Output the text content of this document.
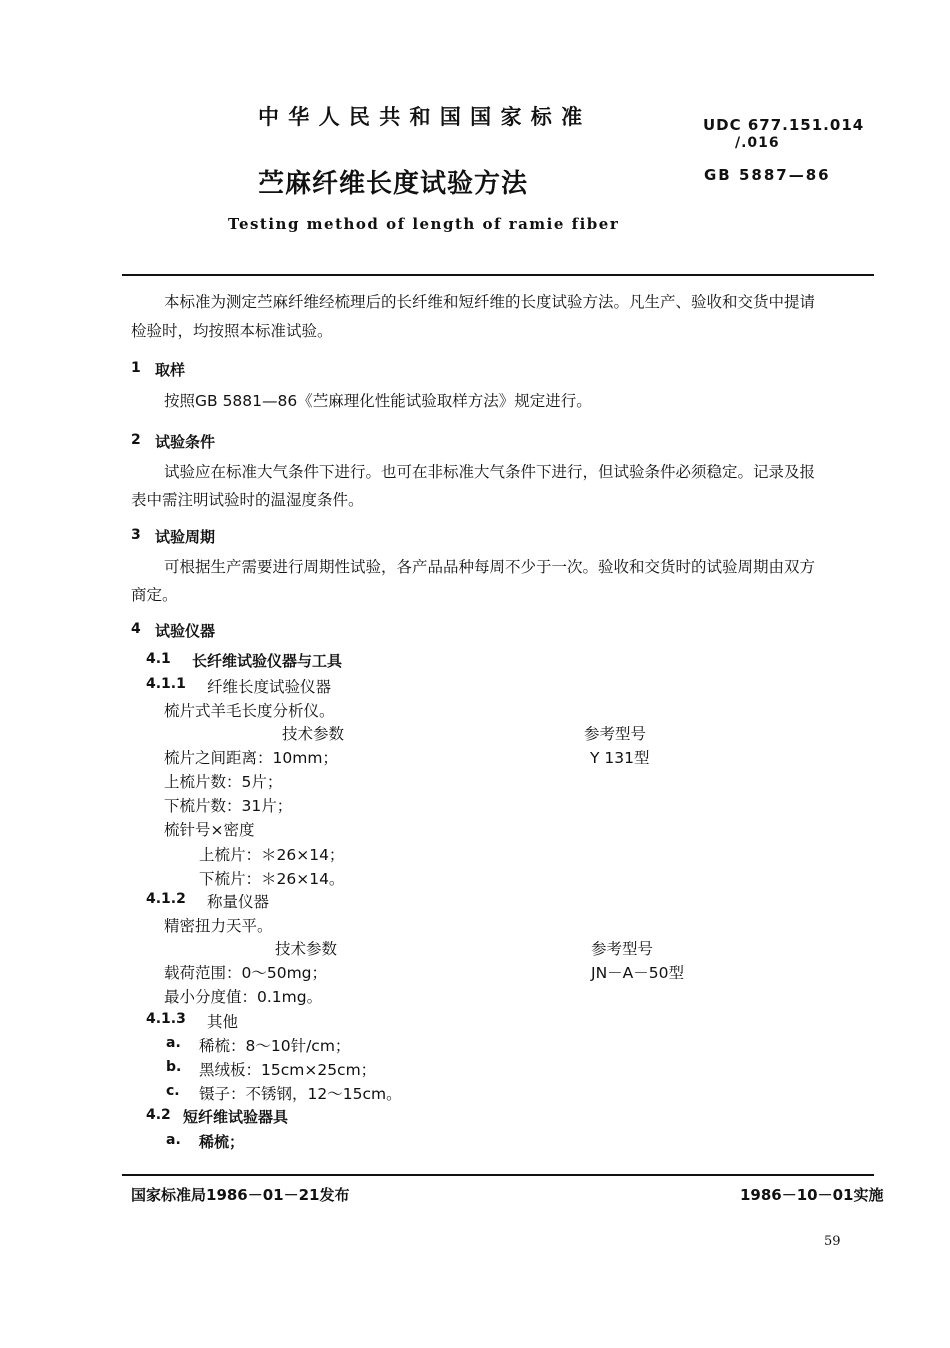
中 华 人 民 共 和 国 国 家 标 准	UDC 677.151.014
/.016
苎麻纤维长度试验方法	GB 5887—86
Testing method of length of ramie fiber
本标准为测定苎麻纤维经梳理后的长纤维和短纤维的长度试验方法。凡生产、验收和交货中提请
检验时，均按照本标准试验。
1 取样
按照GB 5881—86《苎麻理化性能试验取样方法》规定进行。
2 试验条件
试验应在标准大气条件下进行。也可在非标准大气条件下进行，但试验条件必须稳定。记录及报
表中需注明试验时的温湿度条件。
3 试验周期
可根据生产需要进行周期性试验，各产品品种每周不少于一次。验收和交货时的试验周期由双方
商定。
4 试验仪器
4.1 长纤维试验仪器与工具
4.1.1 纤维长度试验仪器
梳片式羊毛长度分析仪。
技术参数	参考型号
梳片之间距离：10mm；	Y 131型
上梳片数：5片；
下梳片数：31片；
梳针号×密度
上梳片：＊26×14；
下梳片：＊26×14。
4.1.2 称量仪器
精密扭力天平。
技术参数	参考型号
载荷范围：0～50mg；	JN－A－50型
最小分度值：0.1mg。
4.1.3 其他
a. 稀梳：8～10针/cm；
b. 黑绒板：15cm×25cm；
c. 镊子：不锈钢，12～15cm。
4.2 短纤维试验器具
a. 稀梳；
国家标准局1986－01－21发布	1986－10－01实施
59
